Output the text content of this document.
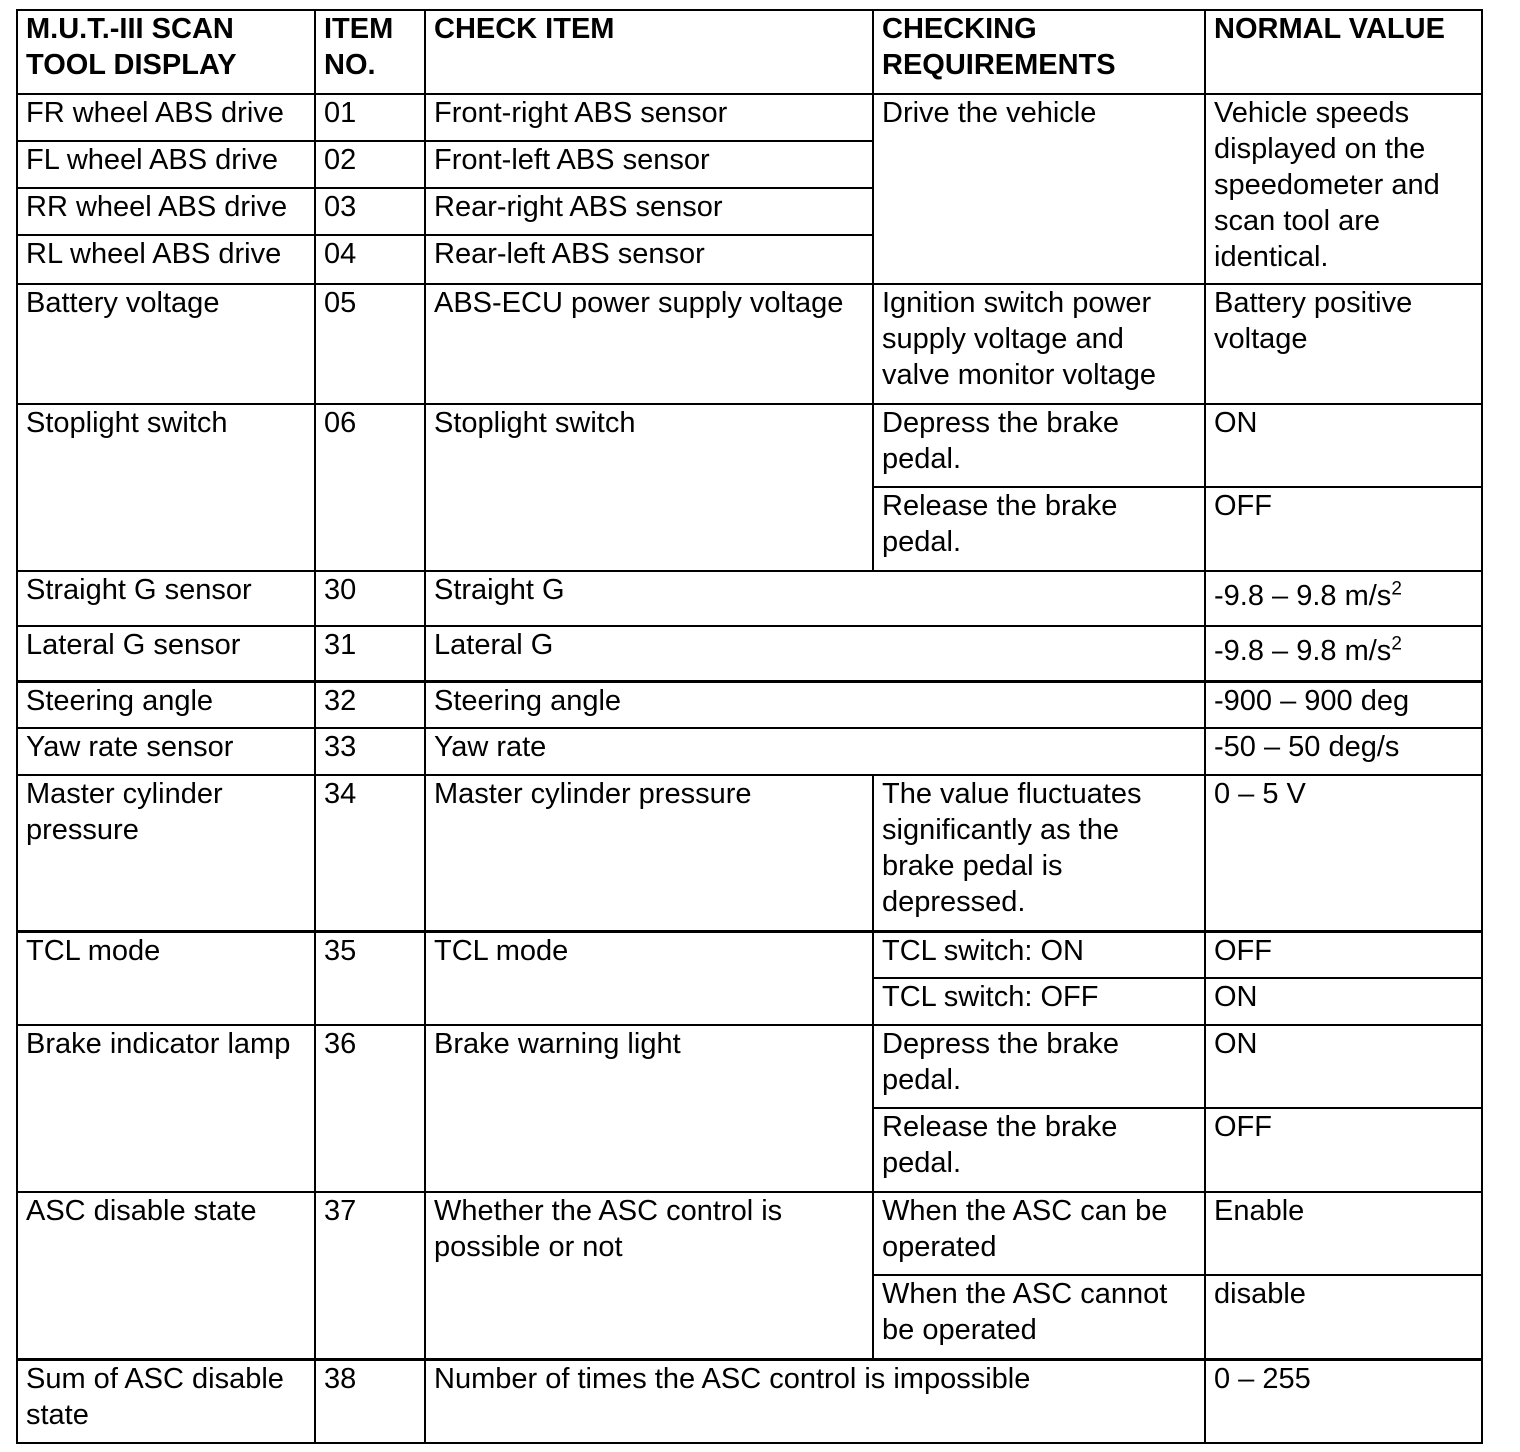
M.U.T.-III SCAN TOOL DISPLAY	ITEM NO.	CHECK ITEM	CHECKING REQUIREMENTS	NORMAL VALUE
FR wheel ABS drive	01	Front-right ABS sensor	Drive the vehicle	Vehicle speeds displayed on the speedometer and scan tool are identical.
FL wheel ABS drive	02	Front-left ABS sensor		
RR wheel ABS drive	03	Rear-right ABS sensor		
RL wheel ABS drive	04	Rear-left ABS sensor		
Battery voltage	05	ABS-ECU power supply voltage	Ignition switch power supply voltage and valve monitor voltage	Battery positive voltage
Stoplight switch	06	Stoplight switch	Depress the brake pedal.	ON
			Release the brake pedal.	OFF
Straight G sensor	30	Straight G		-9.8 – 9.8 $m/s^2$
Lateral G sensor	31	Lateral G		-9.8 – 9.8 $m/s^2$
Steering angle	32	Steering angle		-900 – 900 deg
Yaw rate sensor	33	Yaw rate		-50 – 50 deg/s
Master cylinder pressure	34	Master cylinder pressure	The value fluctuates significantly as the brake pedal is depressed.	0 – 5 V
TCL mode	35	TCL mode	TCL switch: ON	OFF
			TCL switch: OFF	ON
Brake indicator lamp	36	Brake warning light	Depress the brake pedal.	ON
			Release the brake pedal.	OFF
ASC disable state	37	Whether the ASC control is possible or not	When the ASC can be operated	Enable
			When the ASC cannot be operated	disable
Sum of ASC disable state	38	Number of times the ASC control is impossible		0 – 255
